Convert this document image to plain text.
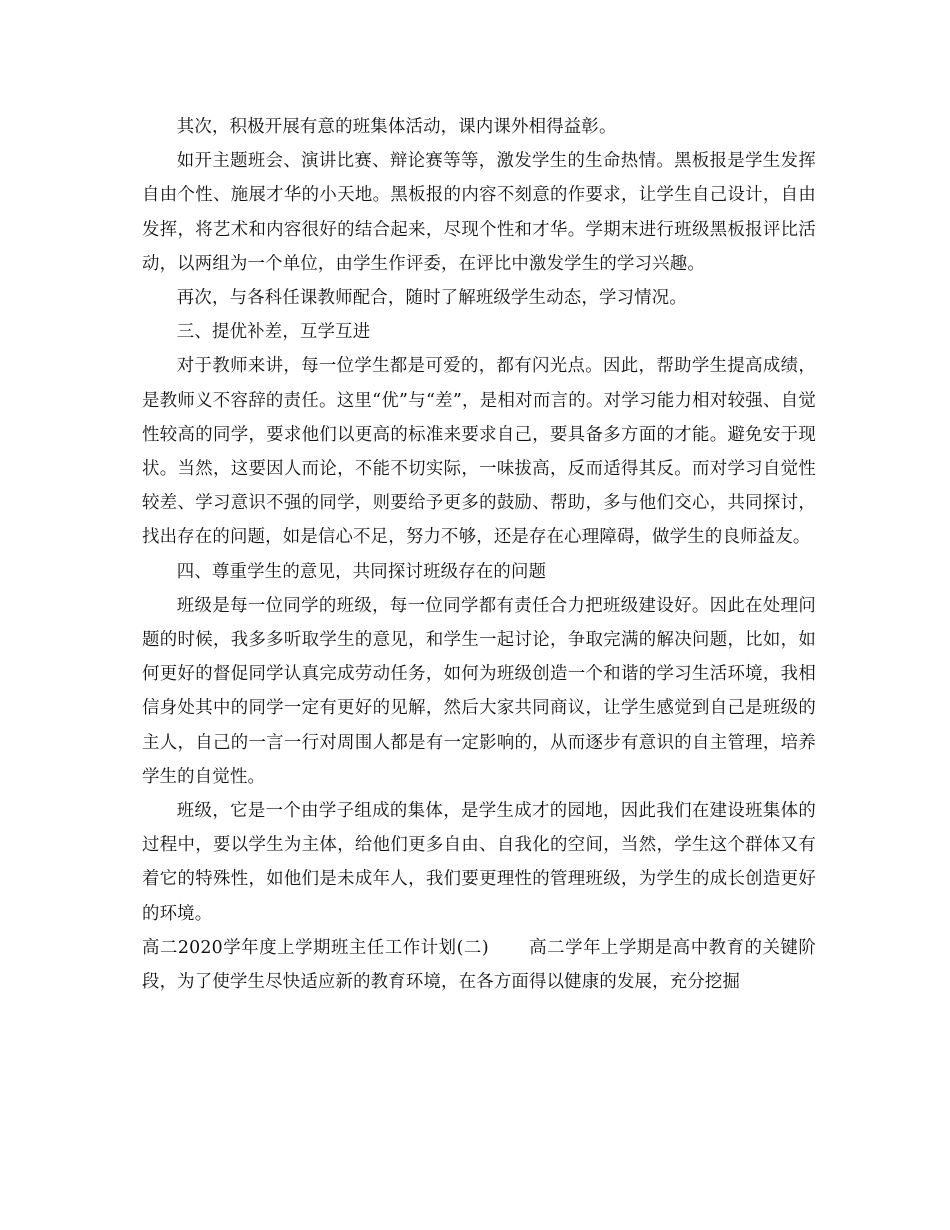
其次，积极开展有意的班集体活动，课内课外相得益彰。

如开主题班会、演讲比赛、辩论赛等等，激发学生的生命热情。黑板报是学生发挥自由个性、施展才华的小天地。黑板报的内容不刻意的作要求，让学生自己设计，自由发挥，将艺术和内容很好的结合起来，尽现个性和才华。学期末进行班级黑板报评比活动，以两组为一个单位，由学生作评委，在评比中激发学生的学习兴趣。

再次，与各科任课教师配合，随时了解班级学生动态，学习情况。

三、提优补差，互学互进

对于教师来讲，每一位学生都是可爱的，都有闪光点。因此，帮助学生提高成绩，是教师义不容辞的责任。这里“优”与“差”，是相对而言的。对学习能力相对较强、自觉性较高的同学，要求他们以更高的标准来要求自己，要具备多方面的才能。避免安于现状。当然，这要因人而论，不能不切实际，一味拔高，反而适得其反。而对学习自觉性较差、学习意识不强的同学，则要给予更多的鼓励、帮助，多与他们交心，共同探讨，找出存在的问题，如是信心不足，努力不够，还是存在心理障碍，做学生的良师益友。

四、尊重学生的意见，共同探讨班级存在的问题

班级是每一位同学的班级，每一位同学都有责任合力把班级建设好。因此在处理问题的时候，我多多听取学生的意见，和学生一起讨论，争取完满的解决问题，比如，如何更好的督促同学认真完成劳动任务，如何为班级创造一个和谐的学习生活环境，我相信身处其中的同学一定有更好的见解，然后大家共同商议，让学生感觉到自己是班级的主人，自己的一言一行对周围人都是有一定影响的，从而逐步有意识的自主管理，培养学生的自觉性。

班级，它是一个由学子组成的集体，是学生成才的园地，因此我们在建设班集体的过程中，要以学生为主体，给他们更多自由、自我化的空间，当然，学生这个群体又有着它的特殊性，如他们是未成年人，我们要更理性的管理班级，为学生的成长创造更好的环境。

高二2020学年度上学期班主任工作计划(二) 高二学年上学期是高中教育的关键阶段，为了使学生尽快适应新的教育环境，在各方面得以健康的发展，充分挖掘
